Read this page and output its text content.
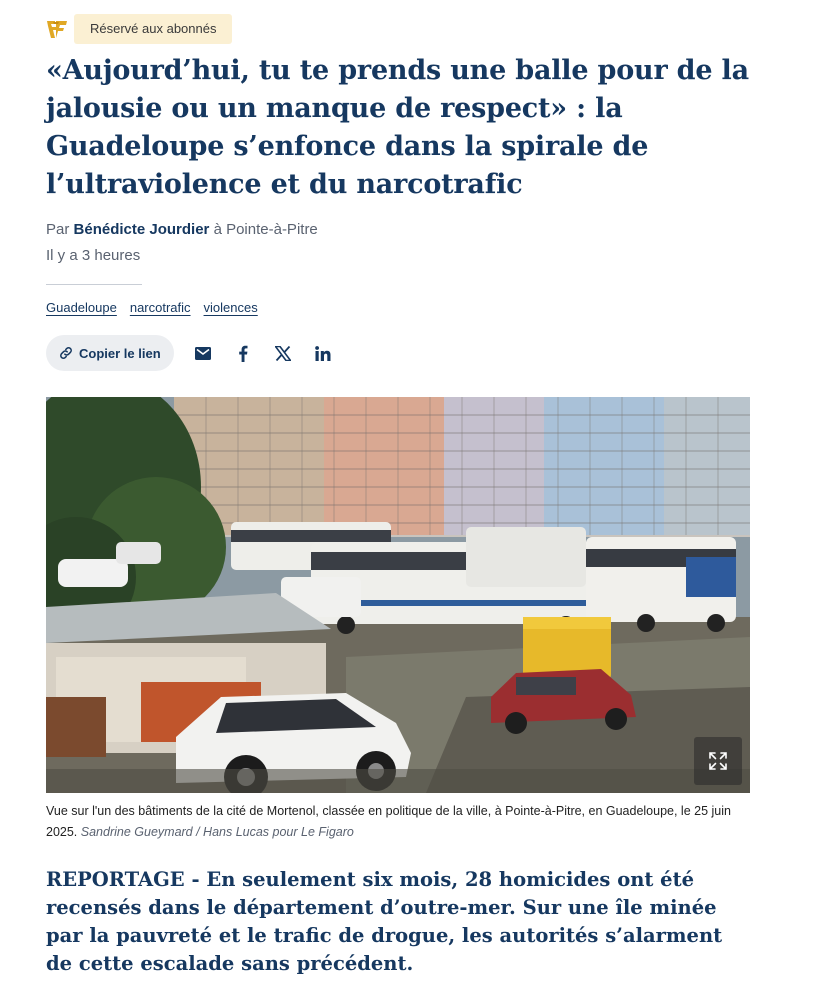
Réservé aux abonnés
«Aujourd’hui, tu te prends une balle pour de la jalousie ou un manque de respect» : la Guadeloupe s’enfonce dans la spirale de l’ultraviolence et du narcotrafic
Par Bénédicte Jourdier à Pointe-à-Pitre
Il y a 3 heures
Guadeloupe narcotrafic violences
Copier le lien

Vue sur l'un des bâtiments de la cité de Mortenol, classée en politique de la ville, à Pointe-à-Pitre, en Guadeloupe, le 25 juin 2025. Sandrine Gueymard / Hans Lucas pour Le Figaro

REPORTAGE - En seulement six mois, 28 homicides ont été recensés dans le département d’outre-mer. Sur une île minée par la pauvreté et le trafic de drogue, les autorités s’alarment de cette escalade sans précédent.
